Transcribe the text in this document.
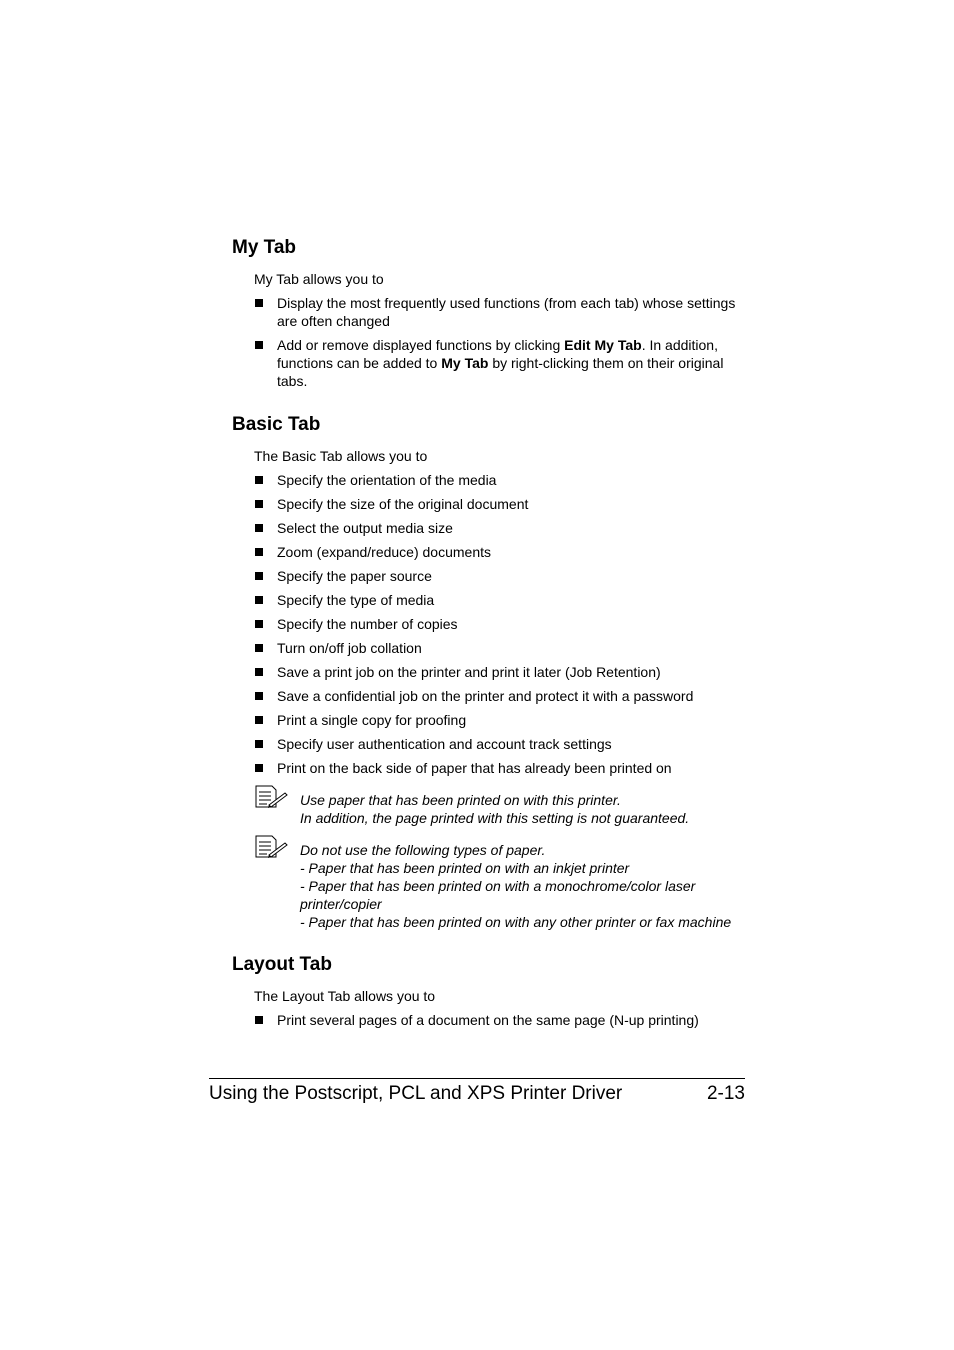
My Tab

My Tab allows you to

Display the most frequently used functions (from each tab) whose settings
are often changed
Add or remove displayed functions by clicking Edit My Tab. In addition,
functions can be added to My Tab by right-clicking them on their original
tabs.
Basic Tab

The Basic Tab allows you to

Specify the orientation of the media
Specify the size of the original document
Select the output media size
Zoom (expand/reduce) documents
Specify the paper source
Specify the type of media
Specify the number of copies
Turn on/off job collation
Save a print job on the printer and print it later (Job Retention)
Save a confidential job on the printer and protect it with a password
Print a single copy for proofing
Specify user authentication and account track settings
Print on the back side of paper that has already been printed on
Use paper that has been printed on with this printer.
In addition, the page printed with this setting is not guaranteed.
Do not use the following types of paper.
- Paper that has been printed on with an inkjet printer
- Paper that has been printed on with a monochrome/color laser
printer/copier
- Paper that has been printed on with any other printer or fax machine
Layout Tab

The Layout Tab allows you to

Print several pages of a document on the same page (N-up printing)
Using the Postscript, PCL and XPS Printer Driver	2-13
